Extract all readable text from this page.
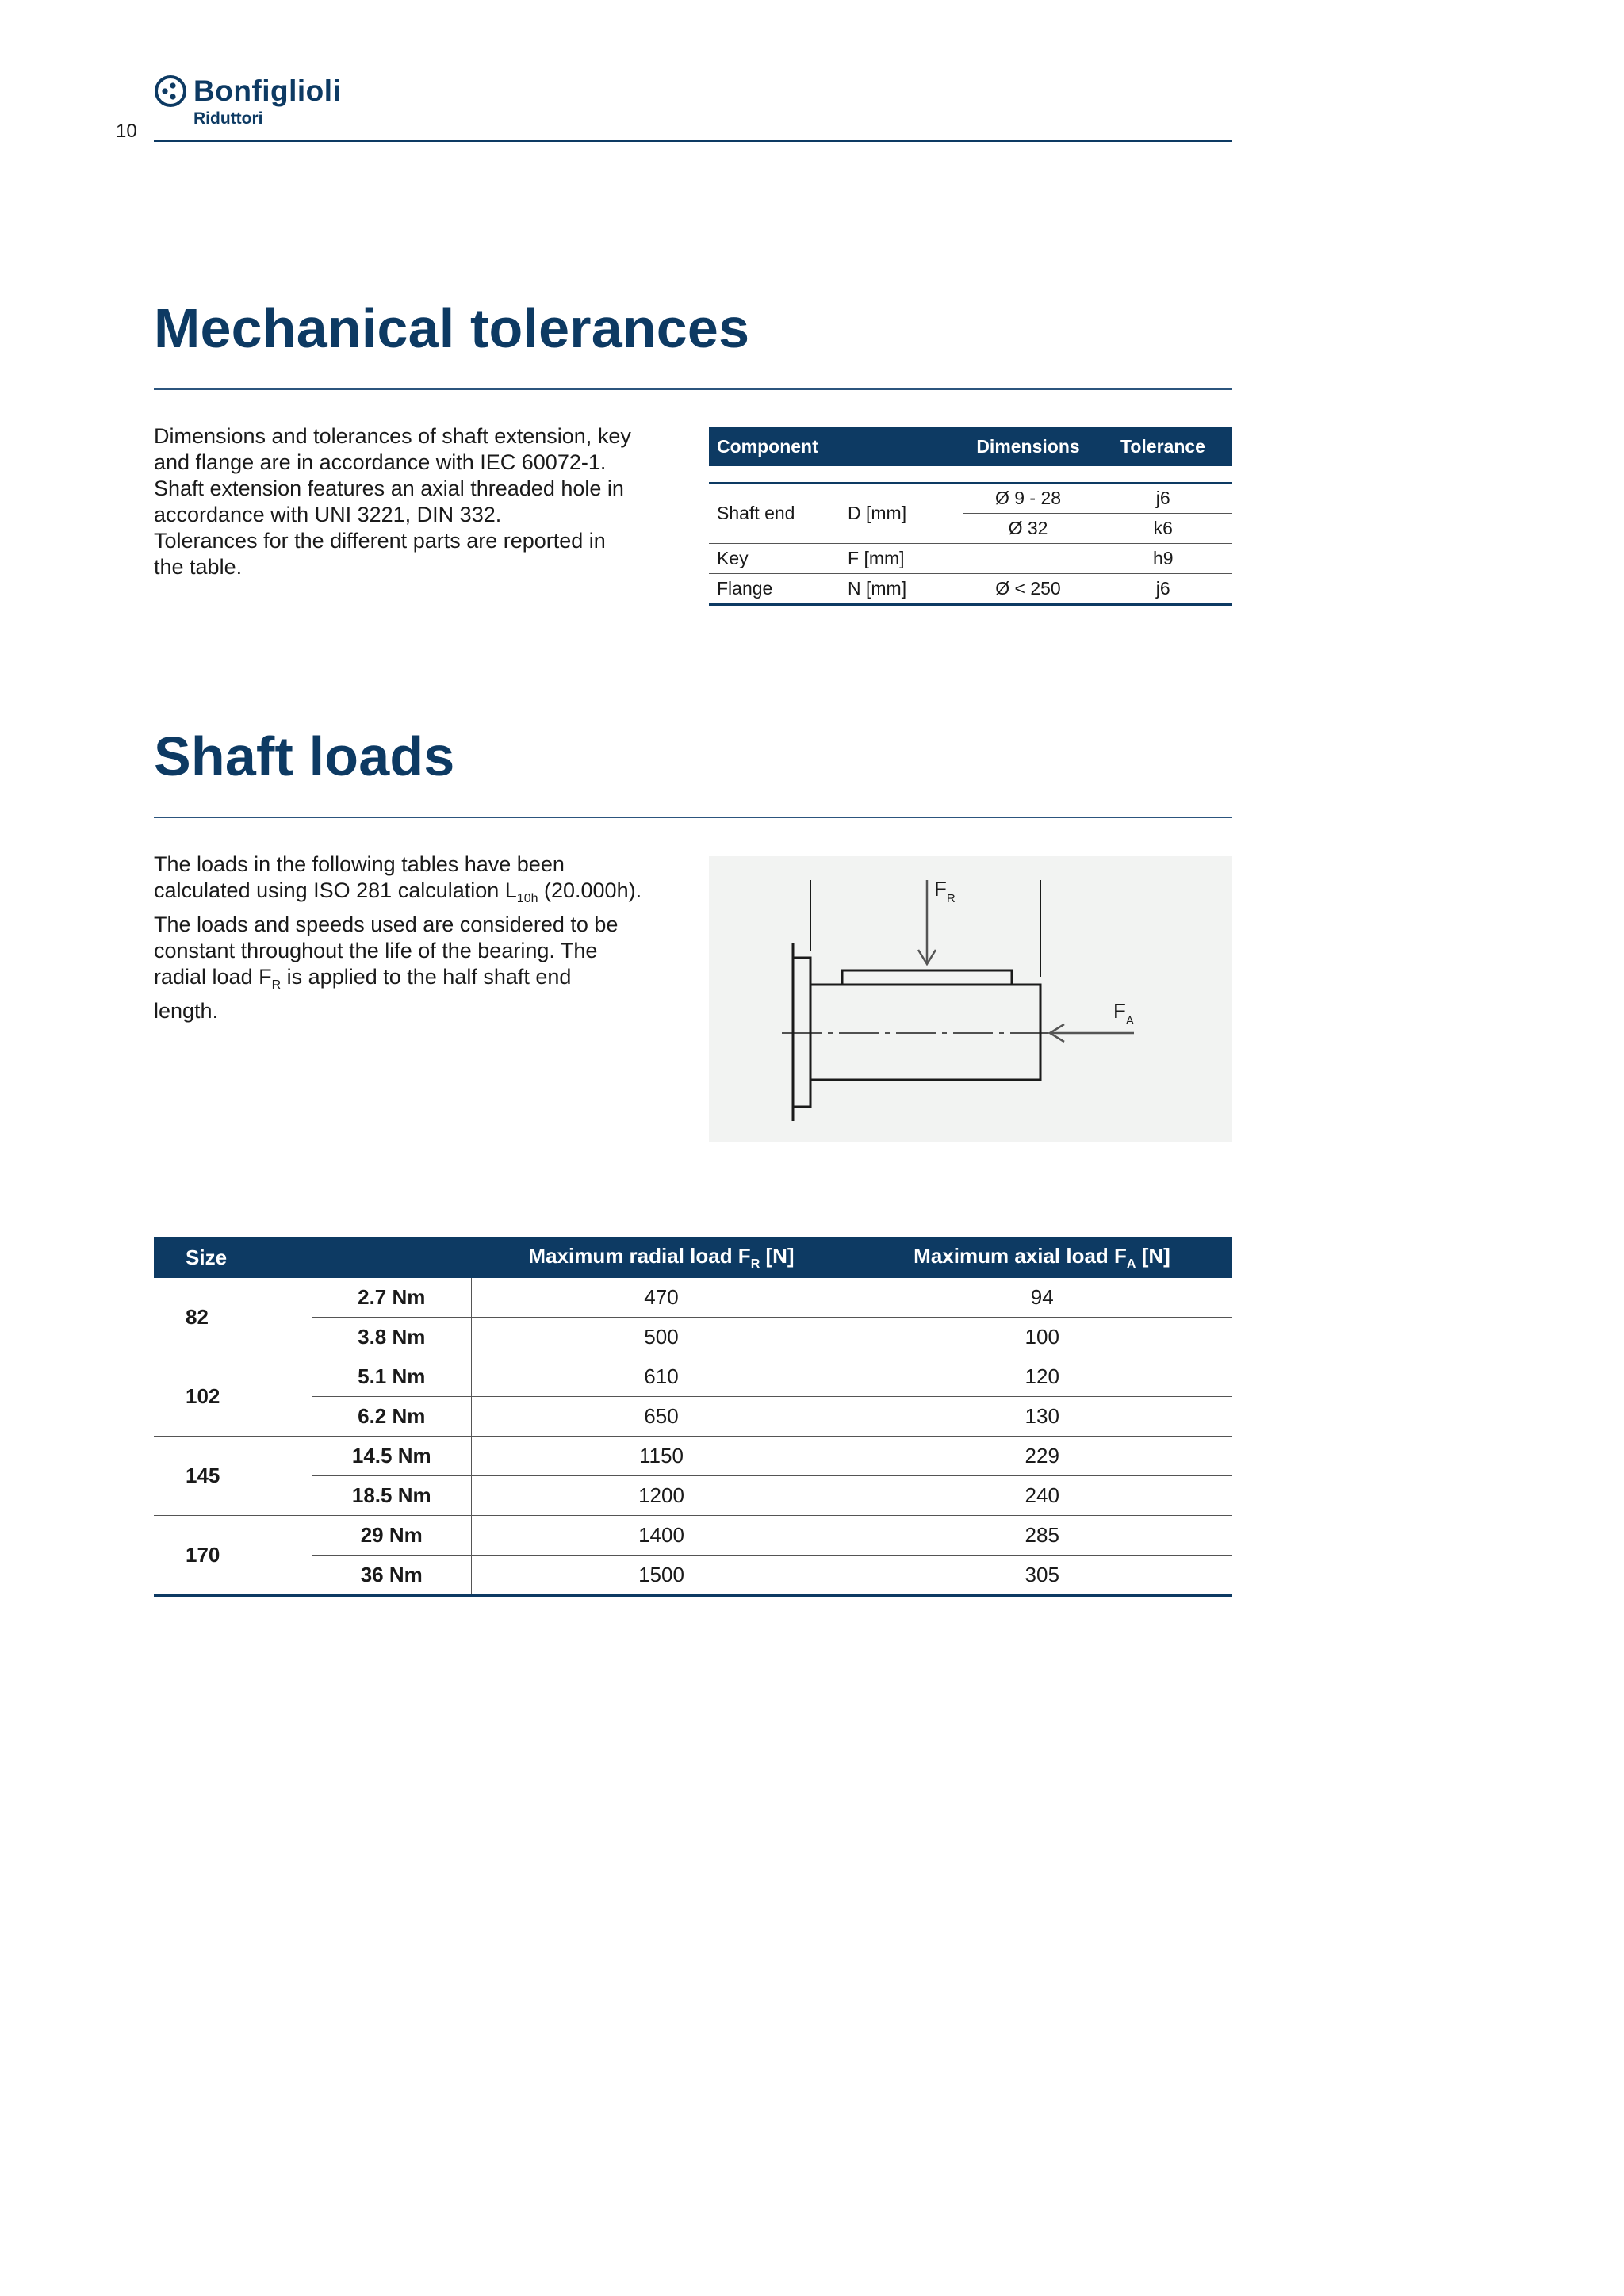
Bonfiglioli
Riduttori
10
Mechanical tolerances

Dimensions and tolerances of shaft extension, key

and flange are in accordance with IEC 60072-1.

Shaft extension features an axial threaded hole in

accordance with UNI 3221, DIN 332.

Tolerances for the different parts are reported in

the table.

Component		Dimensions	Tolerance

Shaft end	D [mm]	Ø 9 - 28	j6
		Ø 32	k6
Key	F [mm]		h9
Flange	N [mm]	Ø < 250	j6
Shaft loads

The loads in the following tables have been

calculated using ISO 281 calculation $L_{10h}$ (20.000h).

The loads and speeds used are considered to be

constant throughout the life of the bearing. The

radial load $F_R$ is applied to the half shaft end

length.

$F_R$
$F_A$
Size		Maximum radial load $F_R$ [N]	Maximum axial load $F_A$ [N]
82	2.7 Nm	470	94
	3.8 Nm	500	100
102	5.1 Nm	610	120
	6.2 Nm	650	130
145	14.5 Nm	1150	229
	18.5 Nm	1200	240
170	29 Nm	1400	285
	36 Nm	1500	305
